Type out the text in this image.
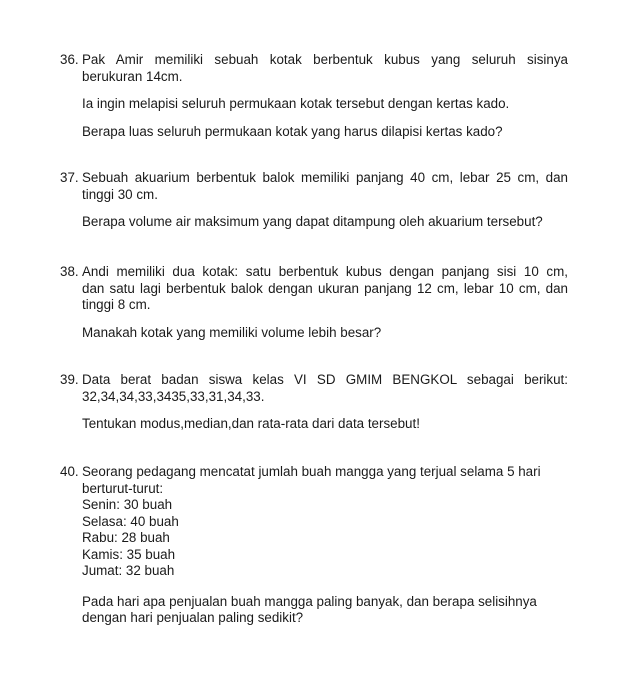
36. Pak Amir memiliki sebuah kotak berbentuk kubus yang seluruh sisinya
berukuran 14cm.
Ia ingin melapisi seluruh permukaan kotak tersebut dengan kertas kado.
Berapa luas seluruh permukaan kotak yang harus dilapisi kertas kado?
37. Sebuah akuarium berbentuk balok memiliki panjang 40 cm, lebar 25 cm, dan
tinggi 30 cm.
Berapa volume air maksimum yang dapat ditampung oleh akuarium tersebut?
38. Andi memiliki dua kotak: satu berbentuk kubus dengan panjang sisi 10 cm,
dan satu lagi berbentuk balok dengan ukuran panjang 12 cm, lebar 10 cm, dan
tinggi 8 cm.
Manakah kotak yang memiliki volume lebih besar?
39. Data berat badan siswa kelas VI SD GMIM BENGKOL sebagai berikut:
32,34,34,33,3435,33,31,34,33.
Tentukan modus,median,dan rata-rata dari data tersebut!
40. Seorang pedagang mencatat jumlah buah mangga yang terjual selama 5 hari
berturut-turut:
Senin: 30 buah
Selasa: 40 buah
Rabu: 28 buah
Kamis: 35 buah
Jumat: 32 buah
Pada hari apa penjualan buah mangga paling banyak, dan berapa selisihnya
dengan hari penjualan paling sedikit?
